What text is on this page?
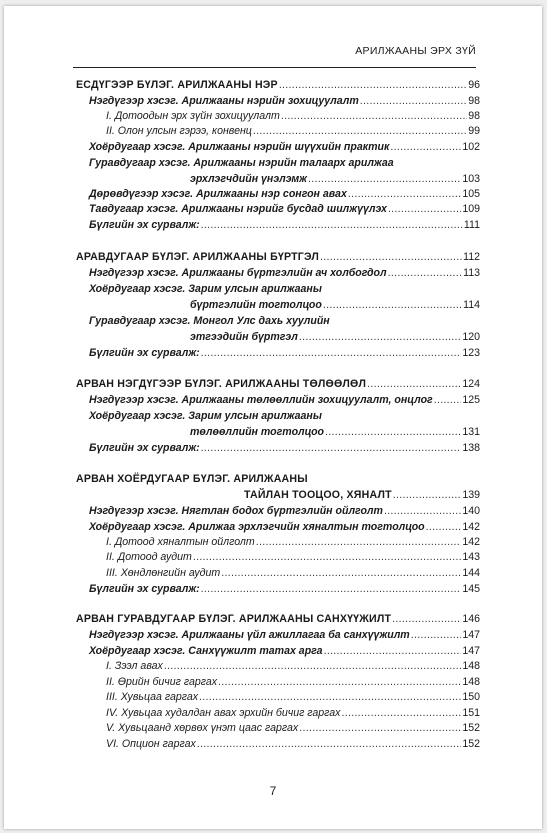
АРИЛЖААНЫ ЭРХ ЗҮЙ
ЕСДҮГЭЭР БҮЛЭГ. АРИЛЖААНЫ НЭР .....	96
Нэгдүгээр хэсэг. Арилжааны нэрийн зохицуулалт .....	98
I. Дотоодын эрх зүйн зохицуулалт .....	98
II. Олон улсын гэрээ, конвенц .....	99
Хоёрдугаар хэсэг. Арилжааны нэрийн шүүхийн практик .....	102
Гуравдугаар хэсэг. Арилжааны нэрийн талаарх арилжаа
эрхлэгчдийн үнэлэмж .....	103
Дөрөвдүгээр хэсэг. Арилжааны нэр сонгон авах .....	105
Тавдугаар хэсэг. Арилжааны нэрийг бусдад шилжүүлэх .....	109
Бүлгийн эх сурвалж: .....	111
АРАВДУГААР БҮЛЭГ. АРИЛЖААНЫ БҮРТГЭЛ .....	112
Нэгдүгээр хэсэг. Арилжааны бүртгэлийн ач холбогдол .....	113
Хоёрдугаар хэсэг. Зарим улсын арилжааны
бүртгэлийн тогтолцоо .....	114
Гуравдугаар хэсэг. Монгол Улс дахь хуулийн
этгээдийн бүртгэл .....	120
Бүлгийн эх сурвалж: .....	123
АРВАН НЭГДҮГЭЭР БҮЛЭГ. АРИЛЖААНЫ ТӨЛӨӨЛӨЛ .....	124
Нэгдүгээр хэсэг. Арилжааны төлөөллийн зохицуулалт, онцлог .....	125
Хоёрдугаар хэсэг. Зарим улсын арилжааны
төлөөллийн тогтолцоо .....	131
Бүлгийн эх сурвалж: .....	138
АРВАН ХОЁРДУГААР БҮЛЭГ. АРИЛЖААНЫ
ТАЙЛАН ТООЦОО, ХЯНАЛТ .....	139
Нэгдүгээр хэсэг. Нягтлан бодох бүртгэлийн ойлголт .....	140
Хоёрдугаар хэсэг. Арилжаа эрхлэгчийн хяналтын тогтолцоо .....	142
I. Дотоод хяналтын ойлголт .....	142
II. Дотоод аудит .....	143
III. Хөндлөнгийн аудит .....	144
Бүлгийн эх сурвалж: .....	145
АРВАН ГУРАВДУГААР БҮЛЭГ. АРИЛЖААНЫ САНХҮҮЖИЛТ .....	146
Нэгдүгээр хэсэг. Арилжааны үйл ажиллагаа ба санхүүжилт .....	147
Хоёрдугаар хэсэг. Санхүүжилт татах арга .....	147
I. Зээл авах .....	148
II. Өрийн бичиг гаргах .....	148
III. Хувьцаа гаргах .....	150
IV. Хувьцаа худалдан авах эрхийн бичиг гаргах .....	151
V. Хувьцаанд хөрвөх үнэт цаас гаргах .....	152
VI. Опцион гаргах .....	152
7
